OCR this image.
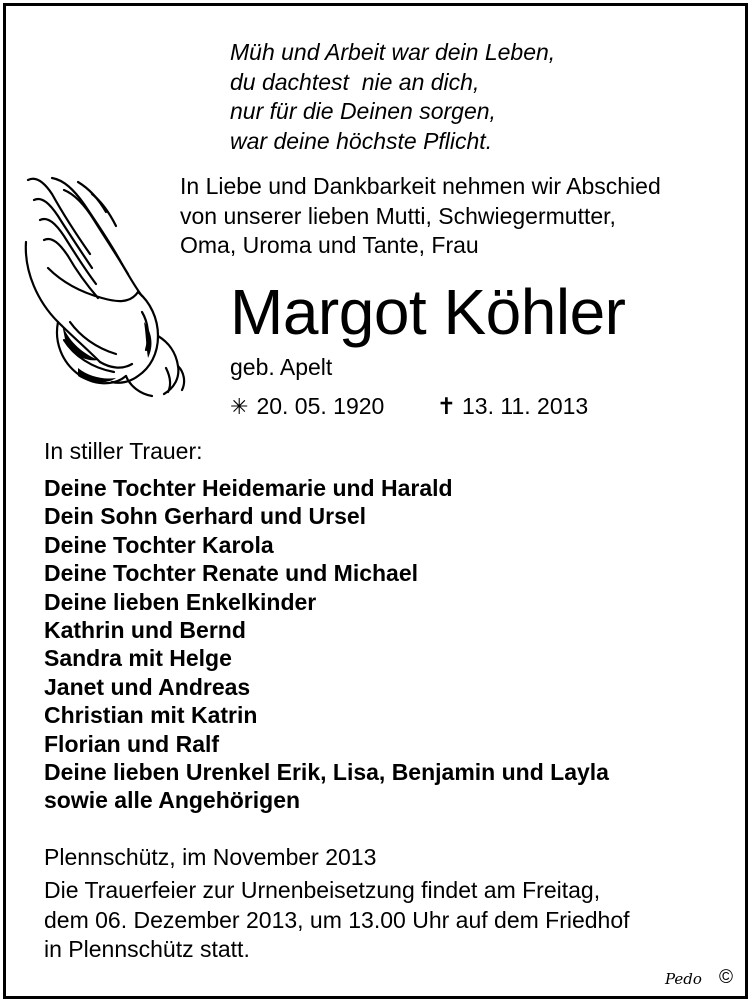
Müh und Arbeit war dein Leben,
du dachtest  nie an dich,
nur für die Deinen sorgen,
war deine höchste Pflicht.
In Liebe und Dankbarkeit nehmen wir Abschied
von unserer lieben Mutti, Schwiegermutter,
Oma, Uroma und Tante, Frau
Margot Köhler
geb. Apelt
✳ 20. 05. 1920 ✝ 13. 11. 2013
In stiller Trauer:
Deine Tochter Heidemarie und Harald
Dein Sohn Gerhard und Ursel
Deine Tochter Karola
Deine Tochter Renate und Michael
Deine lieben Enkelkinder
Kathrin und Bernd
Sandra mit Helge
Janet und Andreas
Christian mit Katrin
Florian und Ralf
Deine lieben Urenkel Erik, Lisa, Benjamin und Layla
sowie alle Angehörigen
Plennschütz, im November 2013
Die Trauerfeier zur Urnenbeisetzung findet am Freitag,
dem 06. Dezember 2013, um 13.00 Uhr auf dem Friedhof
in Plennschütz statt.
Pedo ©
